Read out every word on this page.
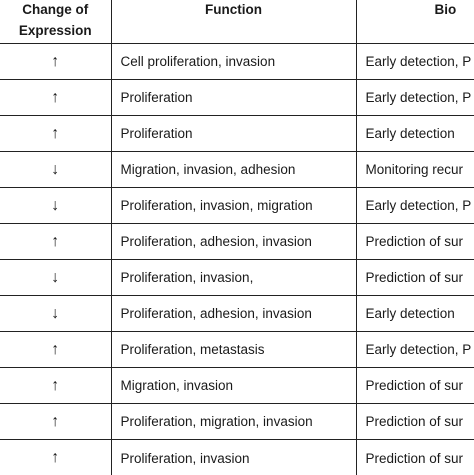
Change of
Expression	Function	Bio
↑	Cell proliferation, invasion	Early detection, P
↑	Proliferation	Early detection, P
↑	Proliferation	Early detection
↓	Migration, invasion, adhesion	Monitoring recur
↓	Proliferation, invasion, migration	Early detection, P
↑	Proliferation, adhesion, invasion	Prediction of sur
↓	Proliferation, invasion,	Prediction of sur
↓	Proliferation, adhesion, invasion	Early detection
↑	Proliferation, metastasis	Early detection, P
↑	Migration, invasion	Prediction of sur
↑	Proliferation, migration, invasion	Prediction of sur
↑	Proliferation, invasion	Prediction of sur
